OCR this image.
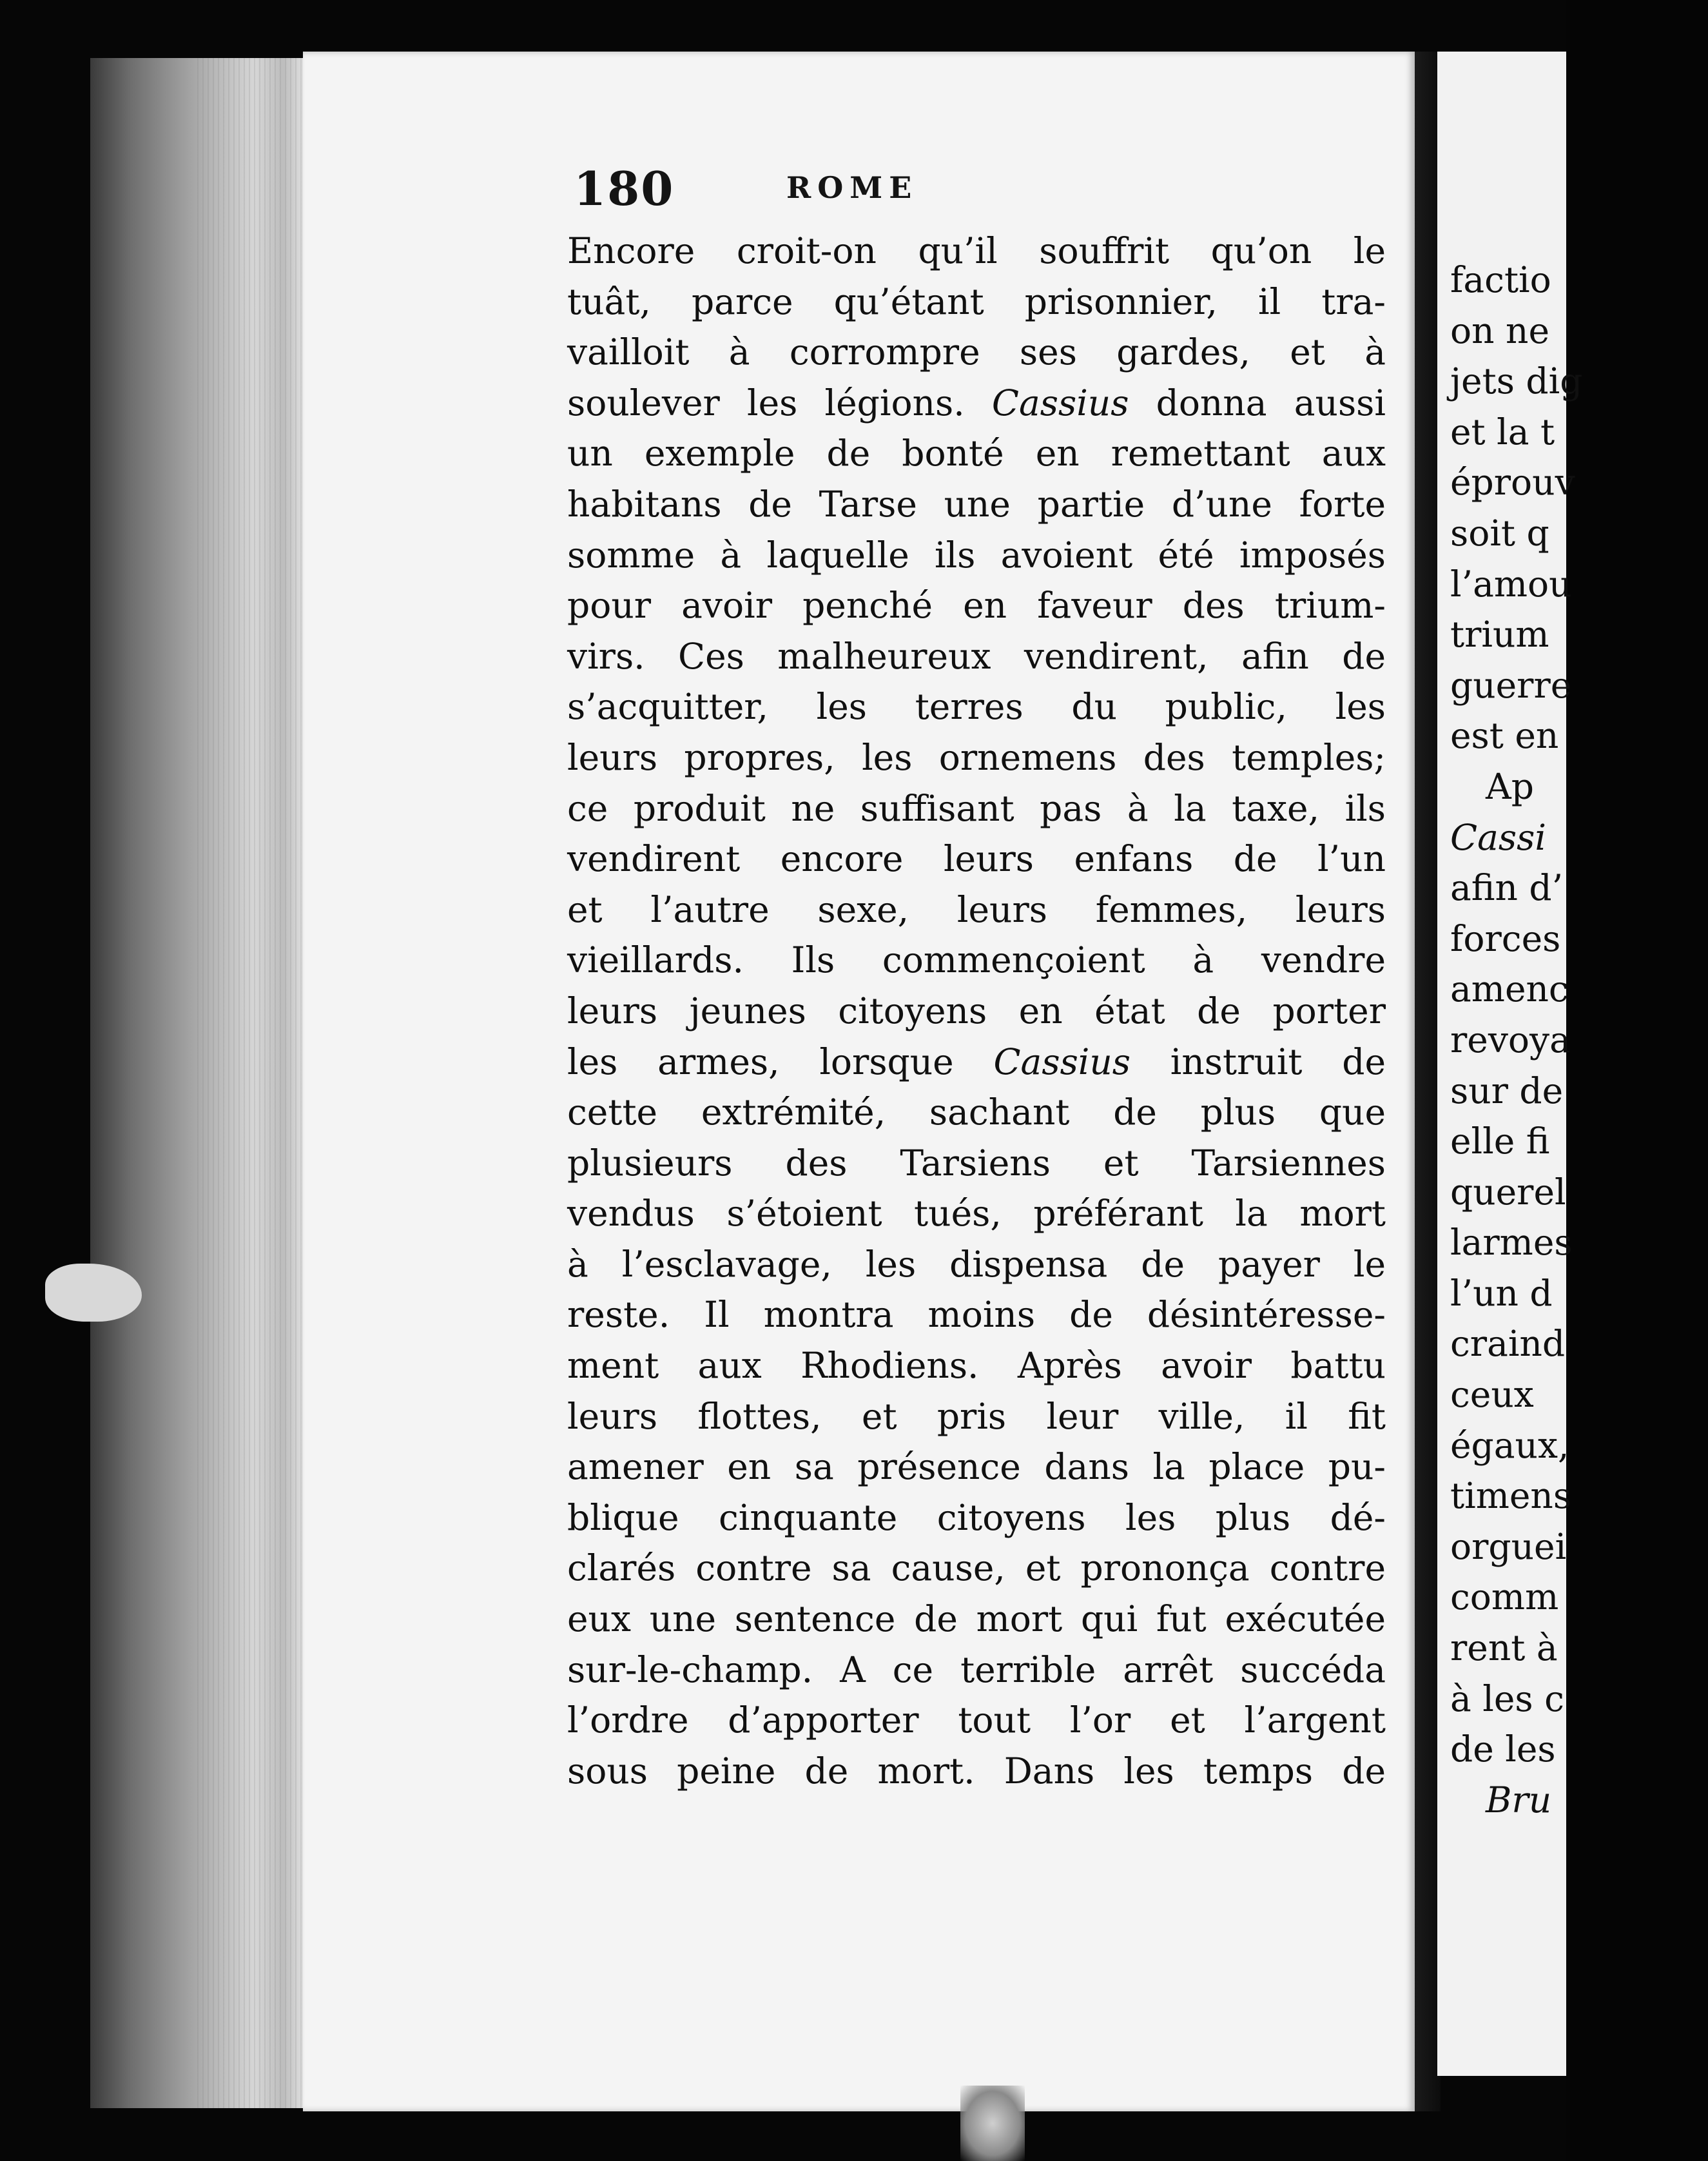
factio
on ne
jets dig
et la t
éprouv
soit q
l’amou
trium
guerre
est en
Ap
Cassi
afin d’
forces
amenc
revoya
sur de
elle fi
querel
larmes
l’un d
craind
ceux
égaux,
timens
orguei
comm
rent à
à les c
de les
Bru
180	ROME
Encore croit-on qu’il souffrit qu’on le
tuât, parce qu’étant prisonnier, il tra-
vailloit à corrompre ses gardes, et à
soulever les légions. Cassius donna aussi
un exemple de bonté en remettant aux
habitans de Tarse une partie d’une forte
somme à laquelle ils avoient été imposés
pour avoir penché en faveur des trium-
virs. Ces malheureux vendirent, afin de
s’acquitter, les terres du public, les
leurs propres, les ornemens des temples;
ce produit ne suffisant pas à la taxe, ils
vendirent encore leurs enfans de l’un
et l’autre sexe, leurs femmes, leurs
vieillards. Ils commençoient à vendre
leurs jeunes citoyens en état de porter
les armes, lorsque Cassius instruit de
cette extrémité, sachant de plus que
plusieurs des Tarsiens et Tarsiennes
vendus s’étoient tués, préférant la mort
à l’esclavage, les dispensa de payer le
reste. Il montra moins de désintéresse-
ment aux Rhodiens. Après avoir battu
leurs flottes, et pris leur ville, il fit
amener en sa présence dans la place pu-
blique cinquante citoyens les plus dé-
clarés contre sa cause, et prononça contre
eux une sentence de mort qui fut exécutée
sur-le-champ. A ce terrible arrêt succéda
l’ordre d’apporter tout l’or et l’argent
sous peine de mort. Dans les temps de
